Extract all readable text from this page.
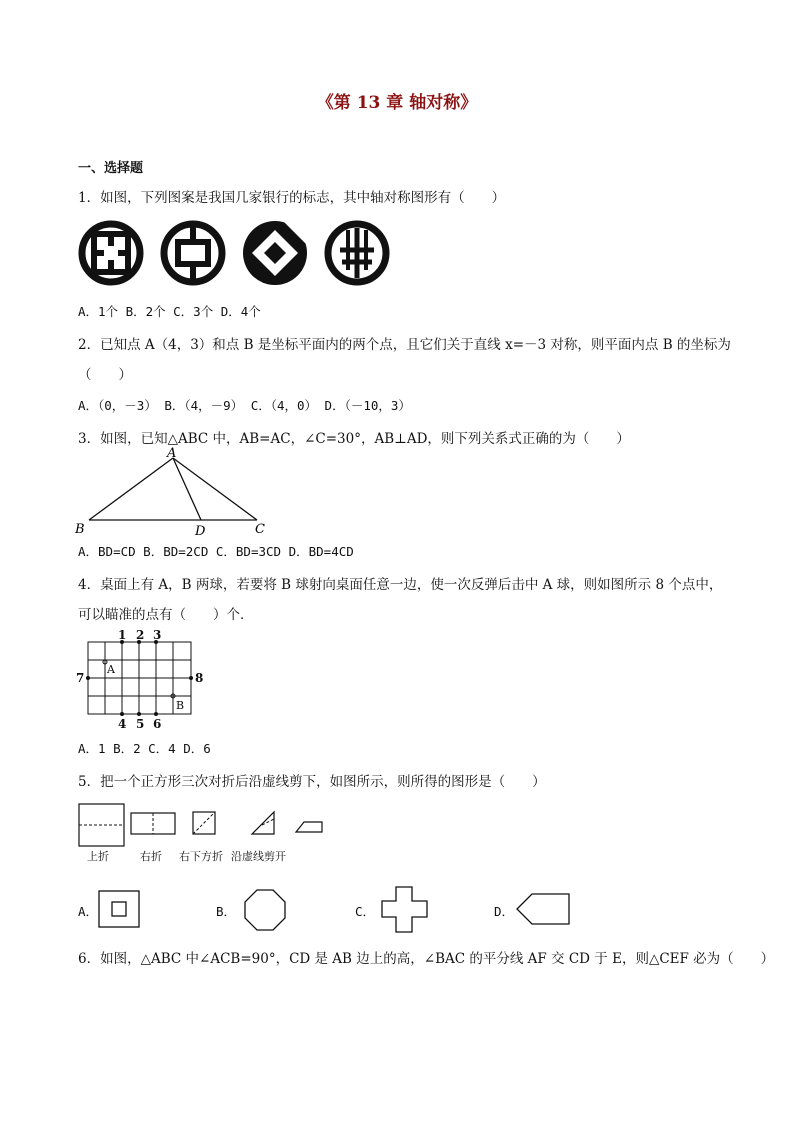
《第 13 章 轴对称》
一、选择题
1．如图，下列图案是我国几家银行的标志，其中轴对称图形有（　　）
A．1个 B．2个 C．3个 D．4个
2．已知点 A（4，3）和点 B 是坐标平面内的两个点，且它们关于直线 x=－3 对称，则平面内点 B 的坐标为
（　　）
A．（0，－3） B．（4，－9） C．（4，0） D．（－10，3）
3．如图，已知△ABC 中，AB=AC，∠C=30°，AB⊥AD，则下列关系式正确的为（　　）
A
B	D	C
A．BD=CD B．BD=2CD C．BD=3CD D．BD=4CD
4．桌面上有 A，B 两球，若要将 B 球射向桌面任意一边，使一次反弹后击中 A 球，则如图所示 8 个点中，
可以瞄准的点有（　　）个．
1 2 3
4 5 6
7	8
A
B
A．1 B．2 C．4 D．6
5．把一个正方形三次对折后沿虚线剪下，如图所示，则所得的图形是（　　）
上折	右折 右下方折 沿虚线剪开
A．	B．	C．	D．
6．如图，△ABC 中∠ACB=90°，CD 是 AB 边上的高，∠BAC 的平分线 AF 交 CD 于 E，则△CEF 必为（　　）
